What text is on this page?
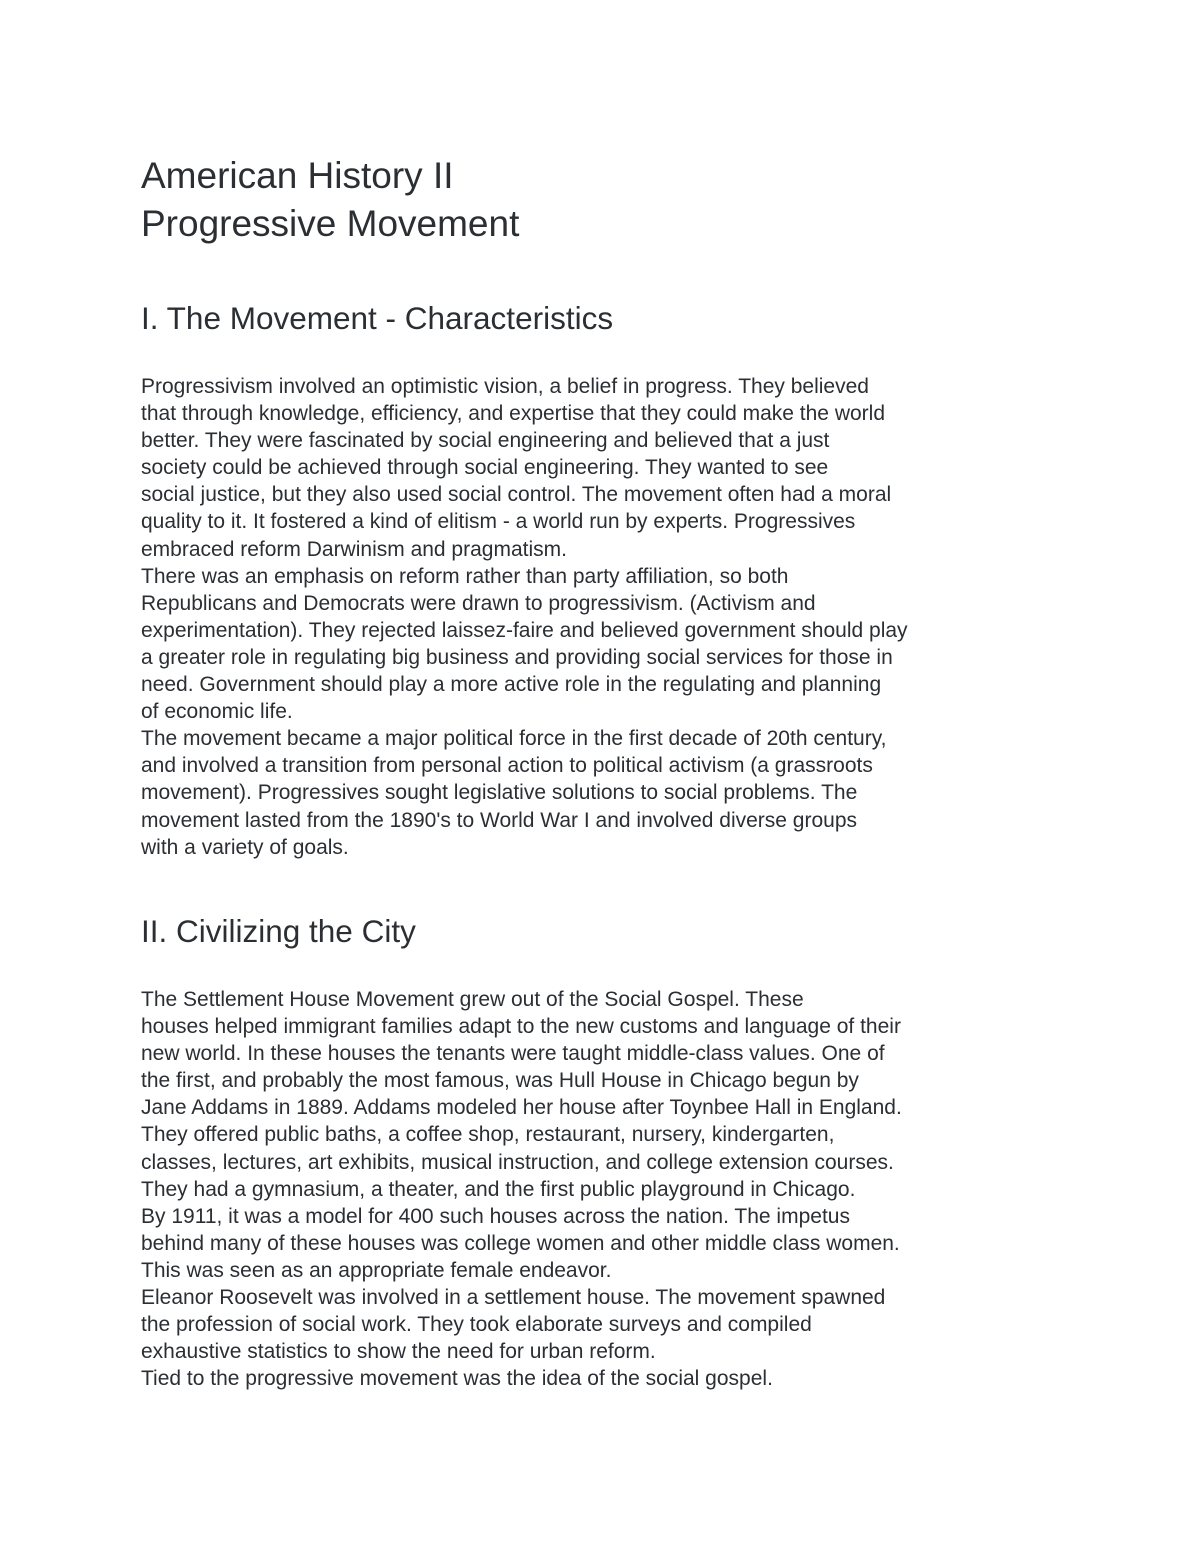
American History II
Progressive Movement
I. The Movement - Characteristics
Progressivism involved an optimistic vision, a belief in progress. They believed
that through knowledge, efficiency, and expertise that they could make the world
better. They were fascinated by social engineering and believed that a just
society could be achieved through social engineering. They wanted to see
social justice, but they also used social control. The movement often had a moral
quality to it. It fostered a kind of elitism - a world run by experts. Progressives
embraced reform Darwinism and pragmatism.
There was an emphasis on reform rather than party affiliation, so both
Republicans and Democrats were drawn to progressivism. (Activism and
experimentation). They rejected laissez-faire and believed government should play
a greater role in regulating big business and providing social services for those in
need. Government should play a more active role in the regulating and planning
of economic life.
The movement became a major political force in the first decade of 20th century,
and involved a transition from personal action to political activism (a grassroots
movement). Progressives sought legislative solutions to social problems. The
movement lasted from the 1890's to World War I and involved diverse groups
with a variety of goals.
II. Civilizing the City
The Settlement House Movement grew out of the Social Gospel. These
houses helped immigrant families adapt to the new customs and language of their
new world. In these houses the tenants were taught middle-class values. One of
the first, and probably the most famous, was Hull House in Chicago begun by
Jane Addams in 1889. Addams modeled her house after Toynbee Hall in England.
They offered public baths, a coffee shop, restaurant, nursery, kindergarten,
classes, lectures, art exhibits, musical instruction, and college extension courses.
They had a gymnasium, a theater, and the first public playground in Chicago.
By 1911, it was a model for 400 such houses across the nation. The impetus
behind many of these houses was college women and other middle class women.
This was seen as an appropriate female endeavor.
Eleanor Roosevelt was involved in a settlement house. The movement spawned
the profession of social work. They took elaborate surveys and compiled
exhaustive statistics to show the need for urban reform.
Tied to the progressive movement was the idea of the social gospel.
